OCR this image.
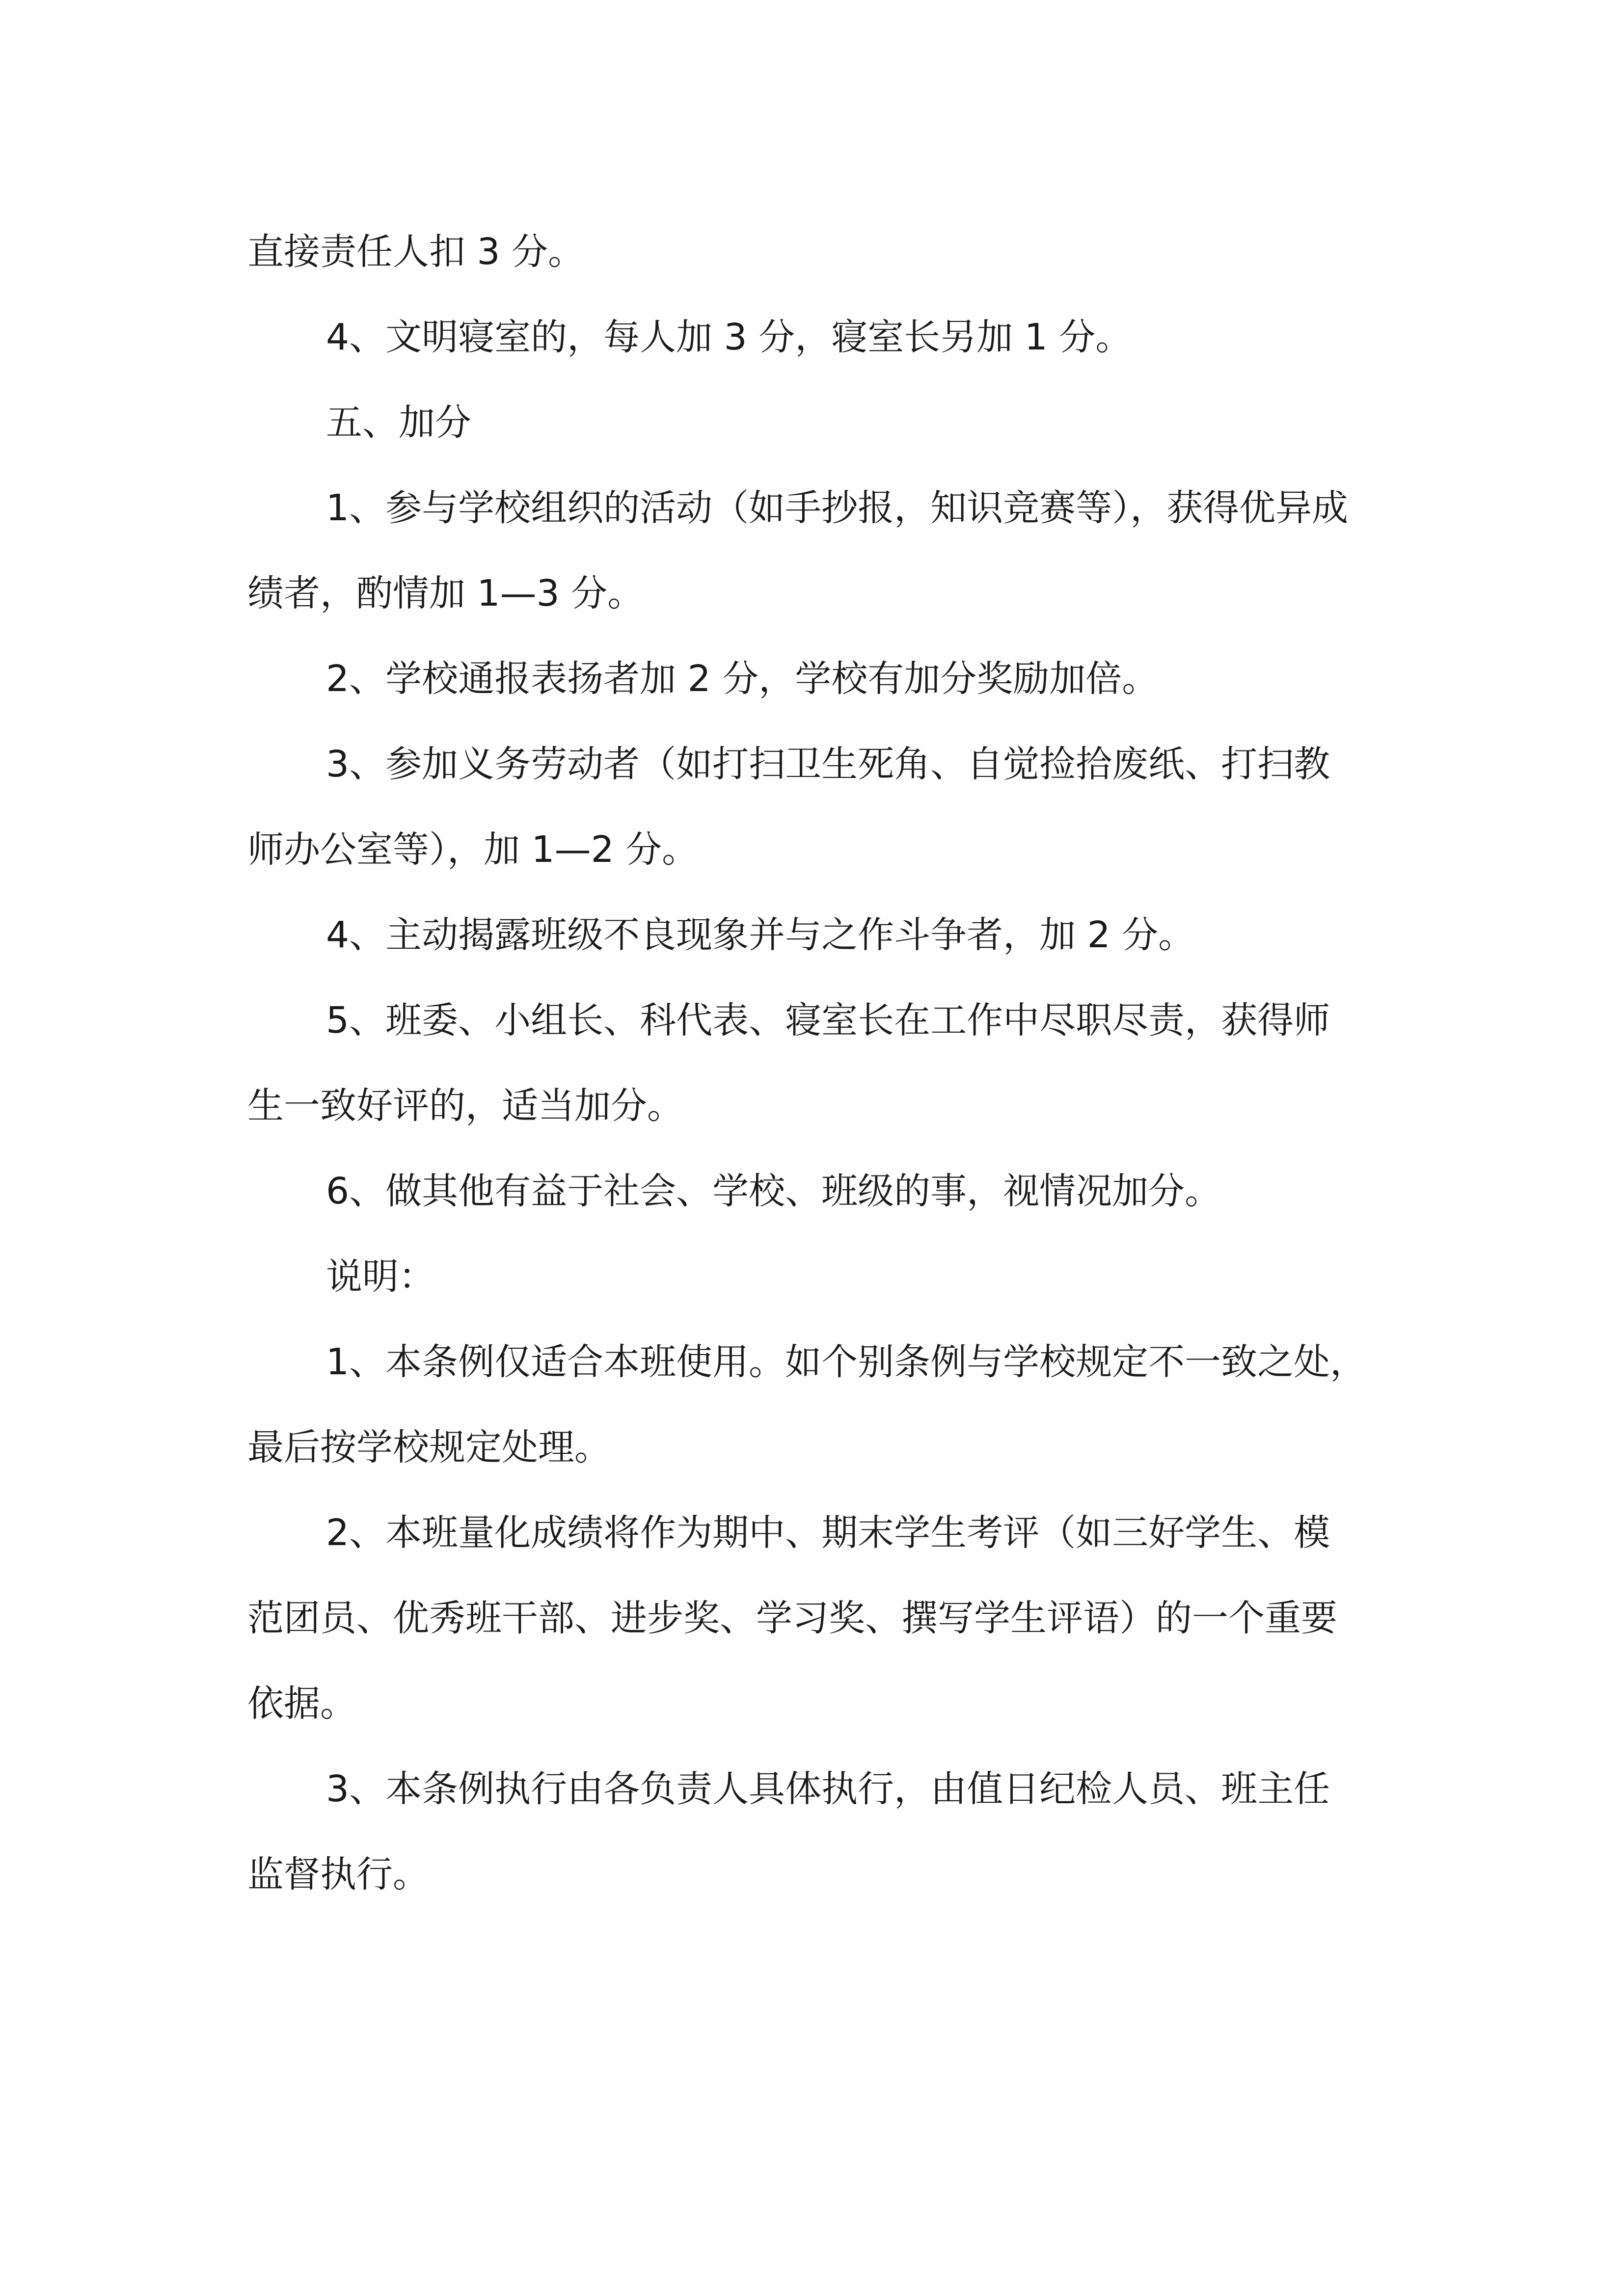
直接责任人扣 3 分。

4、文明寝室的，每人加 3 分，寝室长另加 1 分。

五、加分

1、参与学校组织的活动（如手抄报，知识竞赛等），获得优异成

绩者，酌情加 1—3 分。

2、学校通报表扬者加 2 分，学校有加分奖励加倍。

3、参加义务劳动者（如打扫卫生死角、自觉捡拾废纸、打扫教

师办公室等），加 1—2 分。

4、主动揭露班级不良现象并与之作斗争者，加 2 分。

5、班委、小组长、科代表、寝室长在工作中尽职尽责，获得师

生一致好评的，适当加分。

6、做其他有益于社会、学校、班级的事，视情况加分。

说明：

1、本条例仅适合本班使用。如个别条例与学校规定不一致之处，

最后按学校规定处理。

2、本班量化成绩将作为期中、期末学生考评（如三好学生、模

范团员、优秀班干部、进步奖、学习奖、撰写学生评语）的一个重要

依据。

3、本条例执行由各负责人具体执行，由值日纪检人员、班主任

监督执行。
